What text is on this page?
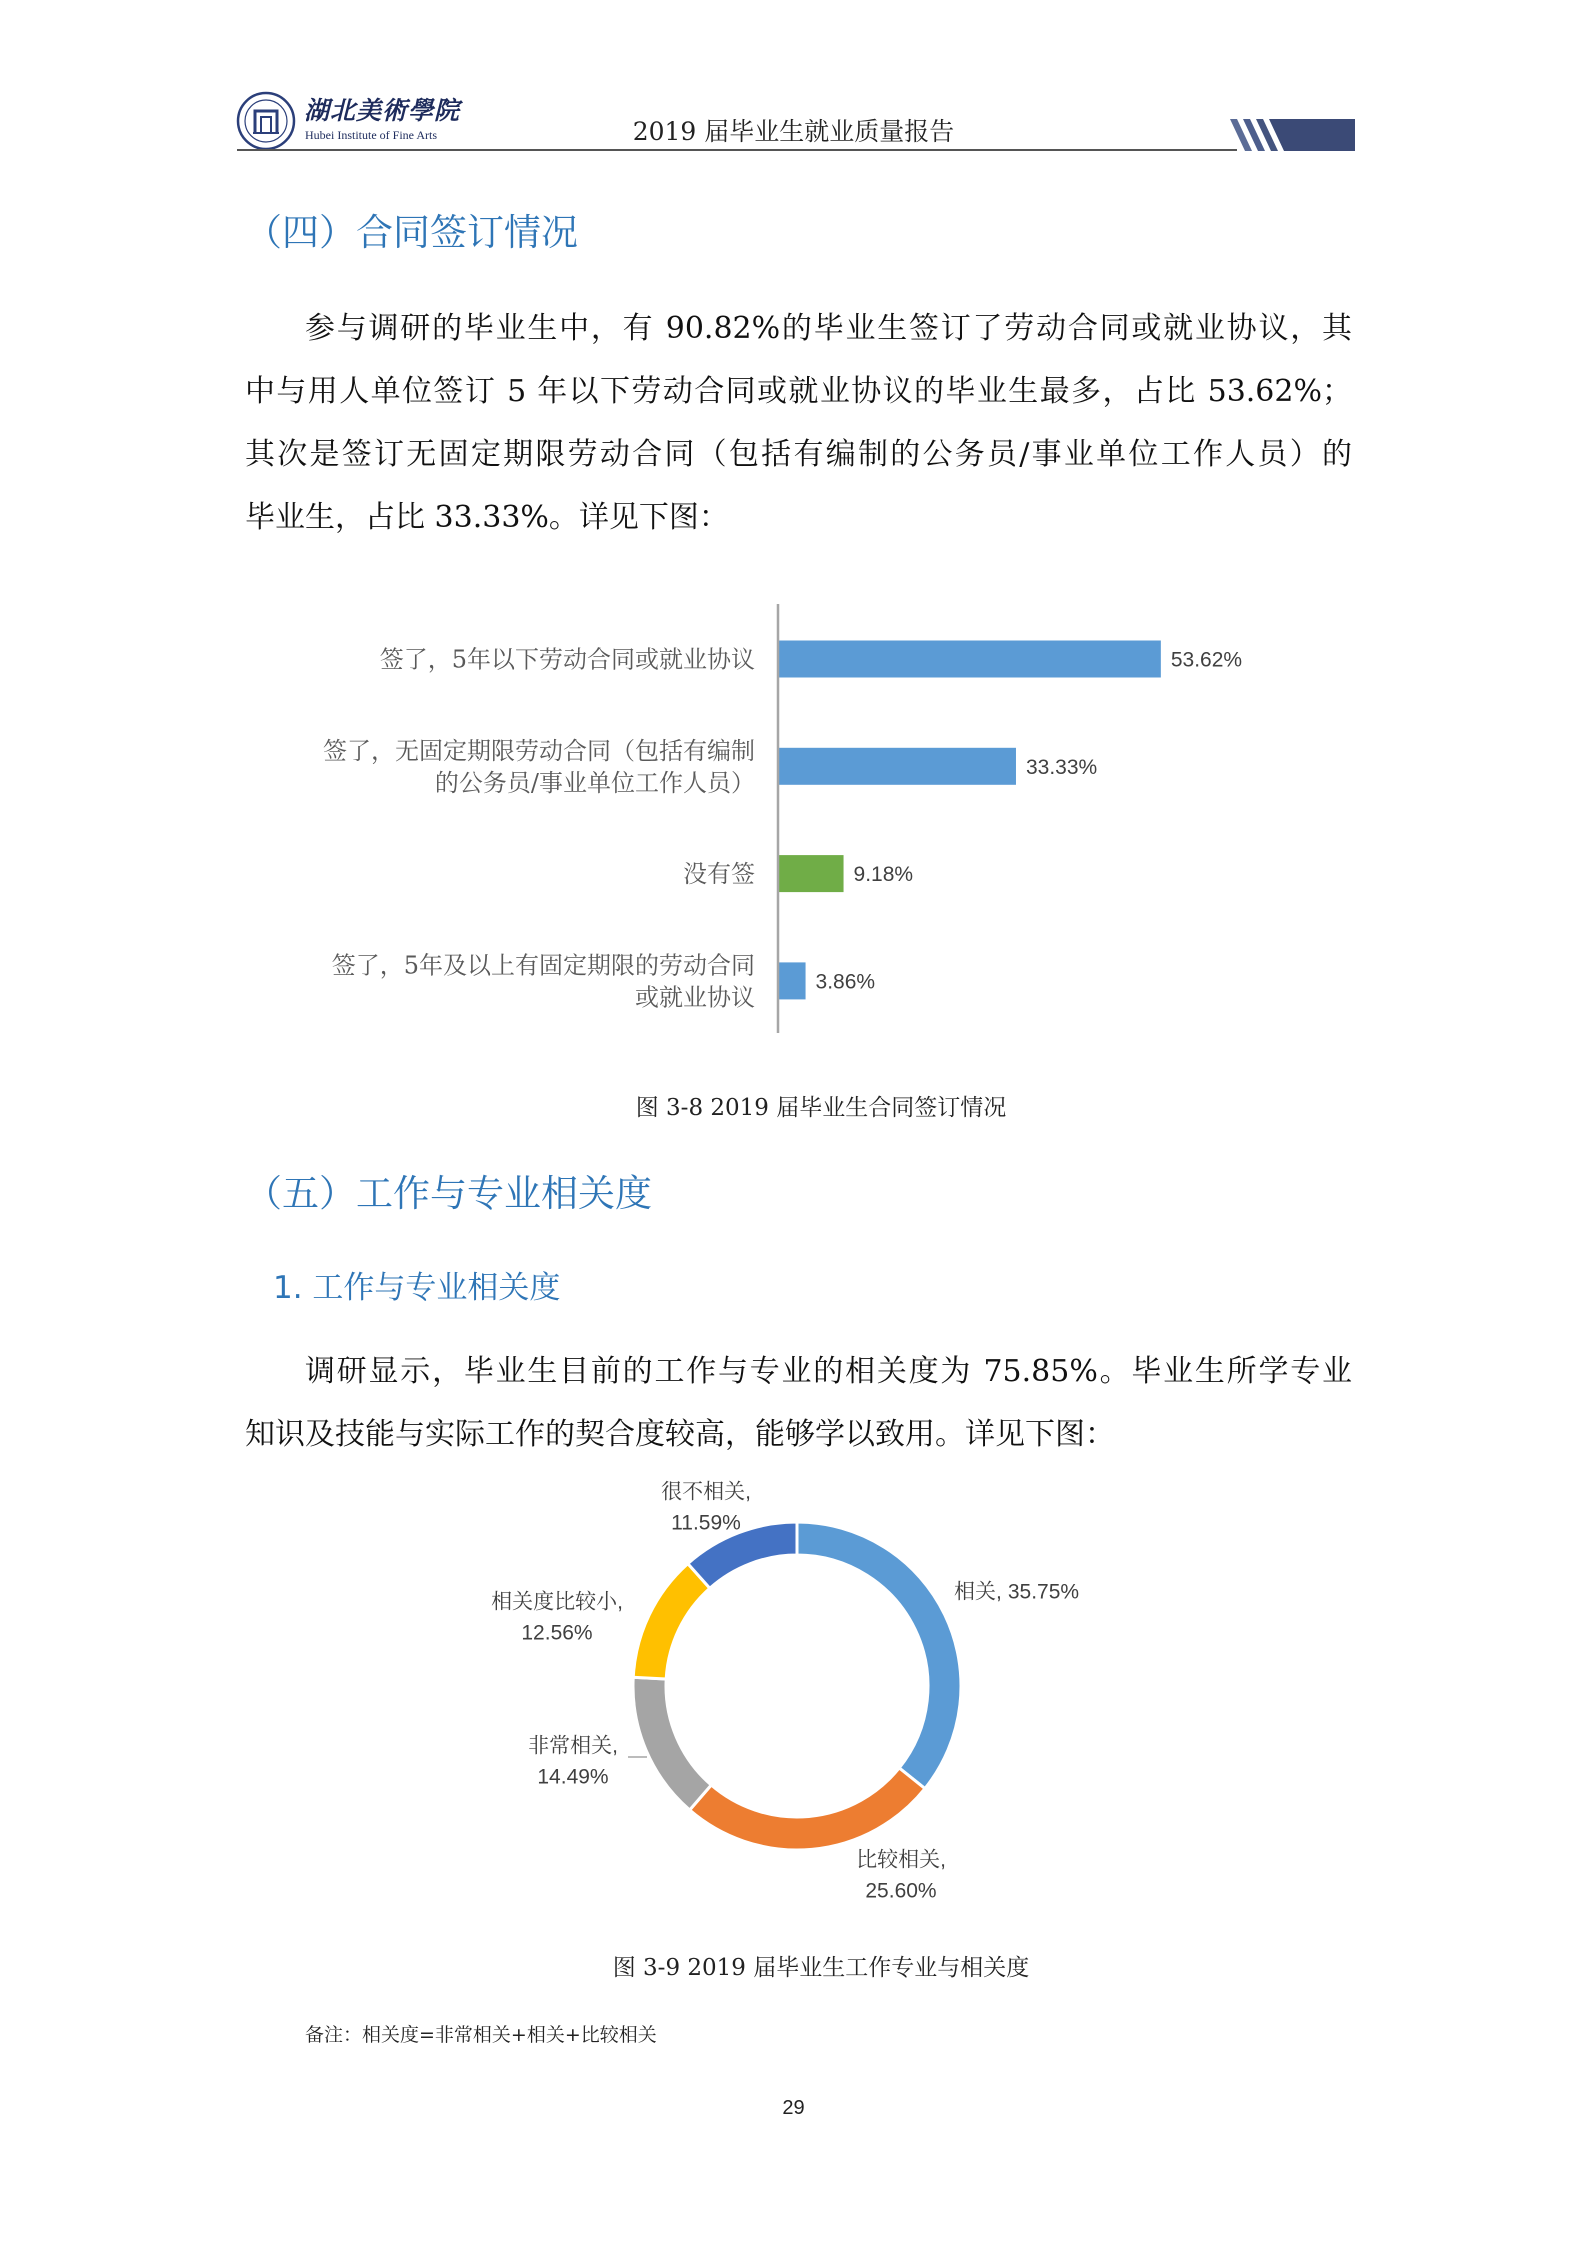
湖北美術學院
Hubei Institute of Fine Arts	2019 届毕业生就业质量报告
（四）合同签订情况
参与调研的毕业生中，有 90.82%的毕业生签订了劳动合同或就业协议，其
中与用人单位签订 5 年以下劳动合同或就业协议的毕业生最多，占比 53.62%；
其次是签订无固定期限劳动合同（包括有编制的公务员/事业单位工作人员）的
毕业生，占比 33.33%。详见下图：
53.62%
签了，5年以下劳动合同或就业协议
33.33%
签了，无固定期限劳动合同（包括有编制
的公务员/事业单位工作人员）
9.18%
没有签
3.86%
签了，5年及以上有固定期限的劳动合同
或就业协议
图 3-8 2019 届毕业生合同签订情况
（五）工作与专业相关度
1. 工作与专业相关度
调研显示，毕业生目前的工作与专业的相关度为 75.85%。毕业生所学专业
知识及技能与实际工作的契合度较高，能够学以致用。详见下图：
相关, 35.75%
比较相关,
25.60%
非常相关,
14.49%
相关度比较小,
12.56%
很不相关,
11.59%
图 3-9 2019 届毕业生工作专业与相关度
备注：相关度=非常相关+相关+比较相关
29
